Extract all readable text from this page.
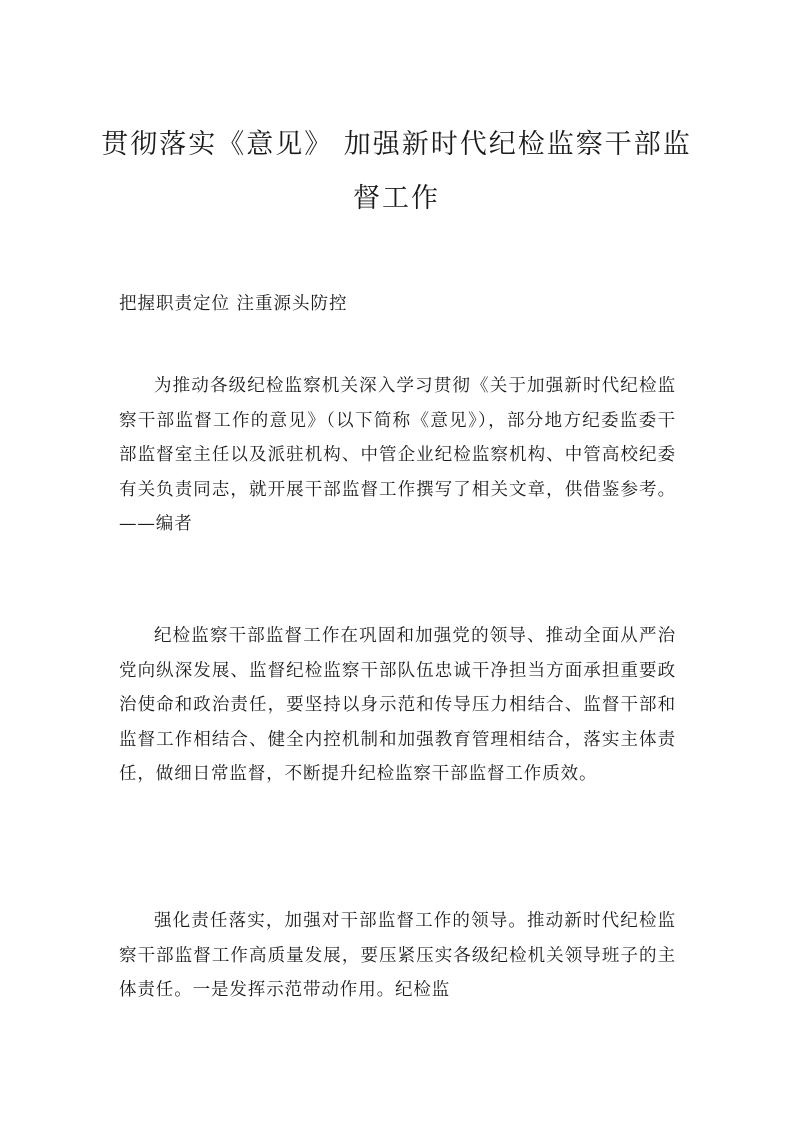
贯彻落实《意见》 加强新时代纪检监察干部监督工作
把握职责定位 注重源头防控

为推动各级纪检监察机关深入学习贯彻《关于加强新时代纪检监察干部监督工作的意见》（以下简称《意见》），部分地方纪委监委干部监督室主任以及派驻机构、中管企业纪检监察机构、中管高校纪委有关负责同志，就开展干部监督工作撰写了相关文章，供借鉴参考。——编者

纪检监察干部监督工作在巩固和加强党的领导、推动全面从严治党向纵深发展、监督纪检监察干部队伍忠诚干净担当方面承担重要政治使命和政治责任，要坚持以身示范和传导压力相结合、监督干部和监督工作相结合、健全内控机制和加强教育管理相结合，落实主体责任，做细日常监督，不断提升纪检监察干部监督工作质效。

强化责任落实，加强对干部监督工作的领导。推动新时代纪检监察干部监督工作高质量发展，要压紧压实各级纪检机关领导班子的主体责任。一是发挥示范带动作用。纪检监
